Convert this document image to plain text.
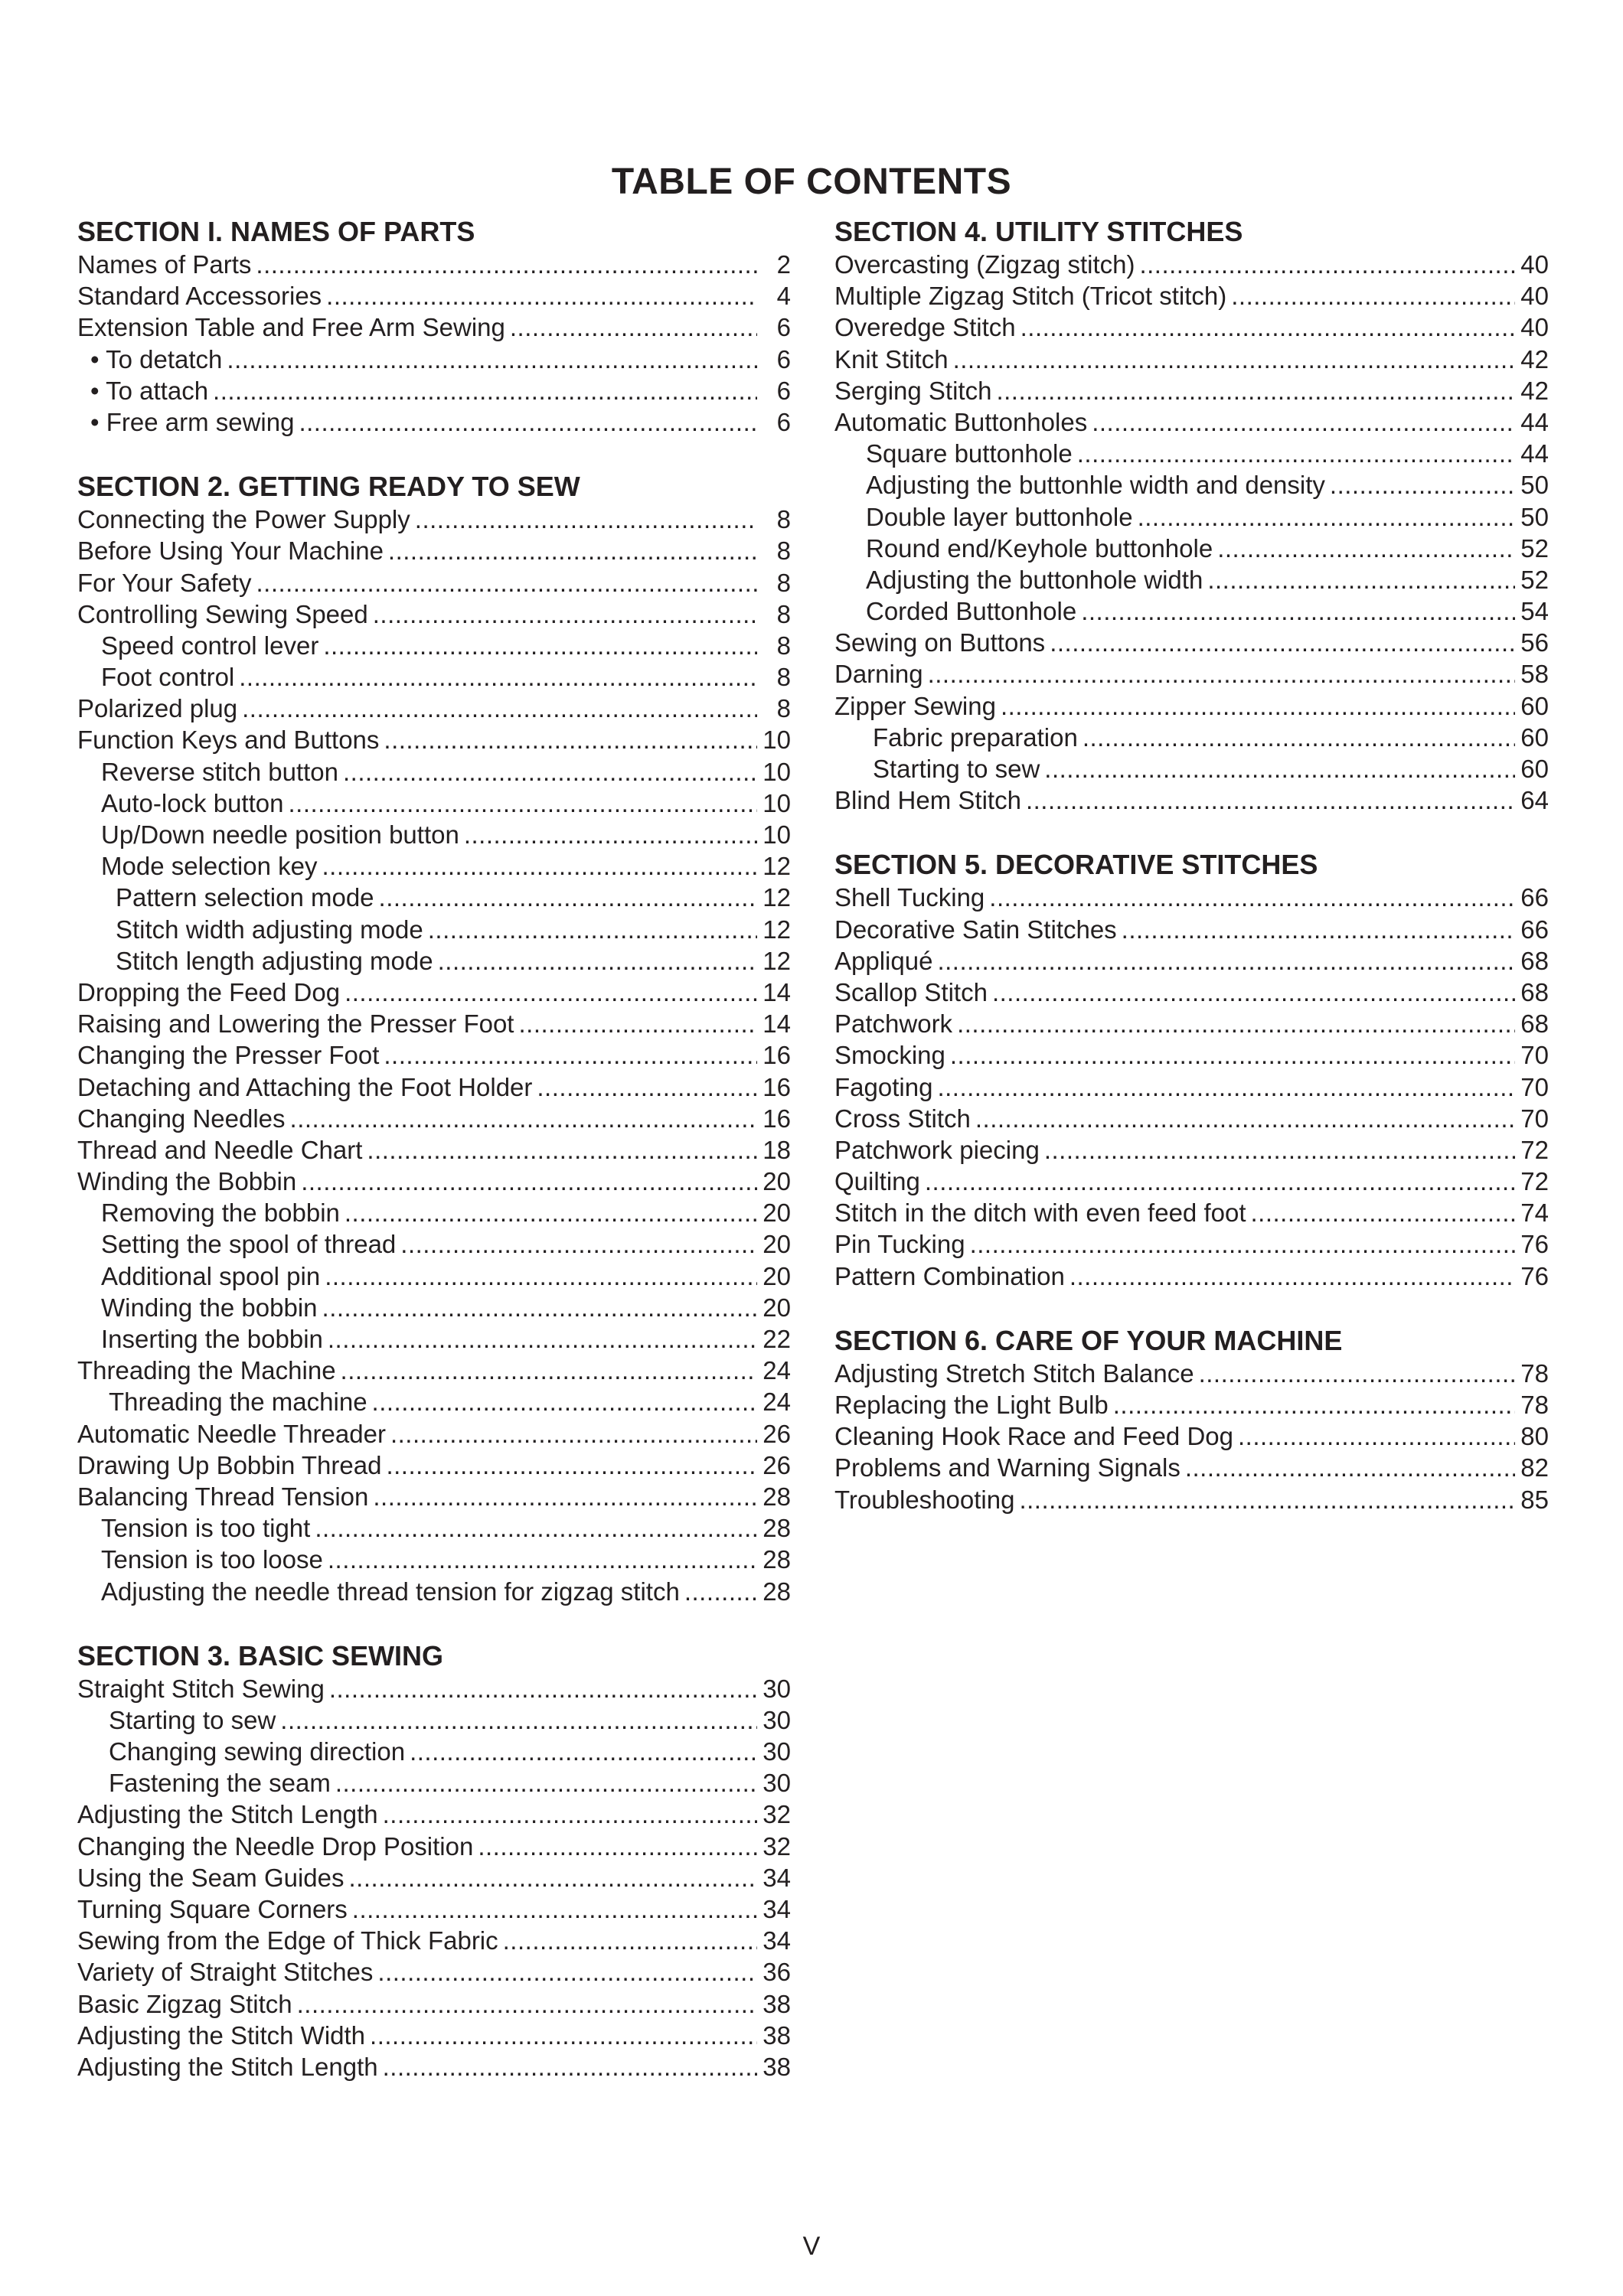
TABLE OF CONTENTS
SECTION I. NAMES OF PARTS
Names of Parts .....	2
Standard Accessories .....	4
Extension Table and Free Arm Sewing .....	6
• To detatch .....	6
• To attach .....	6
• Free arm sewing .....	6
SECTION 2. GETTING READY TO SEW
Connecting the Power Supply .....	8
Before Using Your Machine .....	8
For Your Safety .....	8
Controlling Sewing Speed .....	8
Speed control lever .....	8
Foot control .....	8
Polarized plug .....	8
Function Keys and Buttons .....	10
Reverse stitch button .....	10
Auto-lock button .....	10
Up/Down needle position button .....	10
Mode selection key .....	12
Pattern selection mode .....	12
Stitch width adjusting mode .....	12
Stitch length adjusting mode .....	12
Dropping the Feed Dog .....	14
Raising and Lowering the Presser Foot .....	14
Changing the Presser Foot .....	16
Detaching and Attaching the Foot Holder .....	16
Changing Needles .....	16
Thread and Needle Chart .....	18
Winding the Bobbin .....	20
Removing the bobbin .....	20
Setting the spool of thread .....	20
Additional spool pin .....	20
Winding the bobbin .....	20
Inserting the bobbin .....	22
Threading the Machine .....	24
Threading the machine .....	24
Automatic Needle Threader .....	26
Drawing Up Bobbin Thread .....	26
Balancing Thread Tension .....	28
Tension is too tight .....	28
Tension is too loose .....	28
Adjusting the needle thread tension for zigzag stitch .....	28
SECTION 3. BASIC SEWING
Straight Stitch Sewing .....	30
Starting to sew .....	30
Changing sewing direction .....	30
Fastening the seam .....	30
Adjusting the Stitch Length .....	32
Changing the Needle Drop Position .....	32
Using the Seam Guides .....	34
Turning Square Corners .....	34
Sewing from the Edge of Thick Fabric .....	34
Variety of Straight Stitches .....	36
Basic Zigzag Stitch .....	38
Adjusting the Stitch Width .....	38
Adjusting the Stitch Length .....	38
SECTION 4. UTILITY STITCHES
Overcasting (Zigzag stitch) .....	40
Multiple Zigzag Stitch (Tricot stitch) .....	40
Overedge Stitch .....	40
Knit Stitch .....	42
Serging Stitch .....	42
Automatic Buttonholes .....	44
Square buttonhole .....	44
Adjusting the buttonhle width and density .....	50
Double layer buttonhole .....	50
Round end/Keyhole buttonhole .....	52
Adjusting the buttonhole width .....	52
Corded Buttonhole .....	54
Sewing on Buttons .....	56
Darning .....	58
Zipper Sewing .....	60
Fabric preparation .....	60
Starting to sew .....	60
Blind Hem Stitch .....	64
SECTION 5. DECORATIVE STITCHES
Shell Tucking .....	66
Decorative Satin Stitches .....	66
Appliqué .....	68
Scallop Stitch .....	68
Patchwork .....	68
Smocking .....	70
Fagoting .....	70
Cross Stitch .....	70
Patchwork piecing .....	72
Quilting .....	72
Stitch in the ditch with even feed foot .....	74
Pin Tucking .....	76
Pattern Combination .....	76
SECTION 6. CARE OF YOUR MACHINE
Adjusting Stretch Stitch Balance .....	78
Replacing the Light Bulb .....	78
Cleaning Hook Race and Feed Dog .....	80
Problems and Warning Signals .....	82
Troubleshooting .....	85
V
